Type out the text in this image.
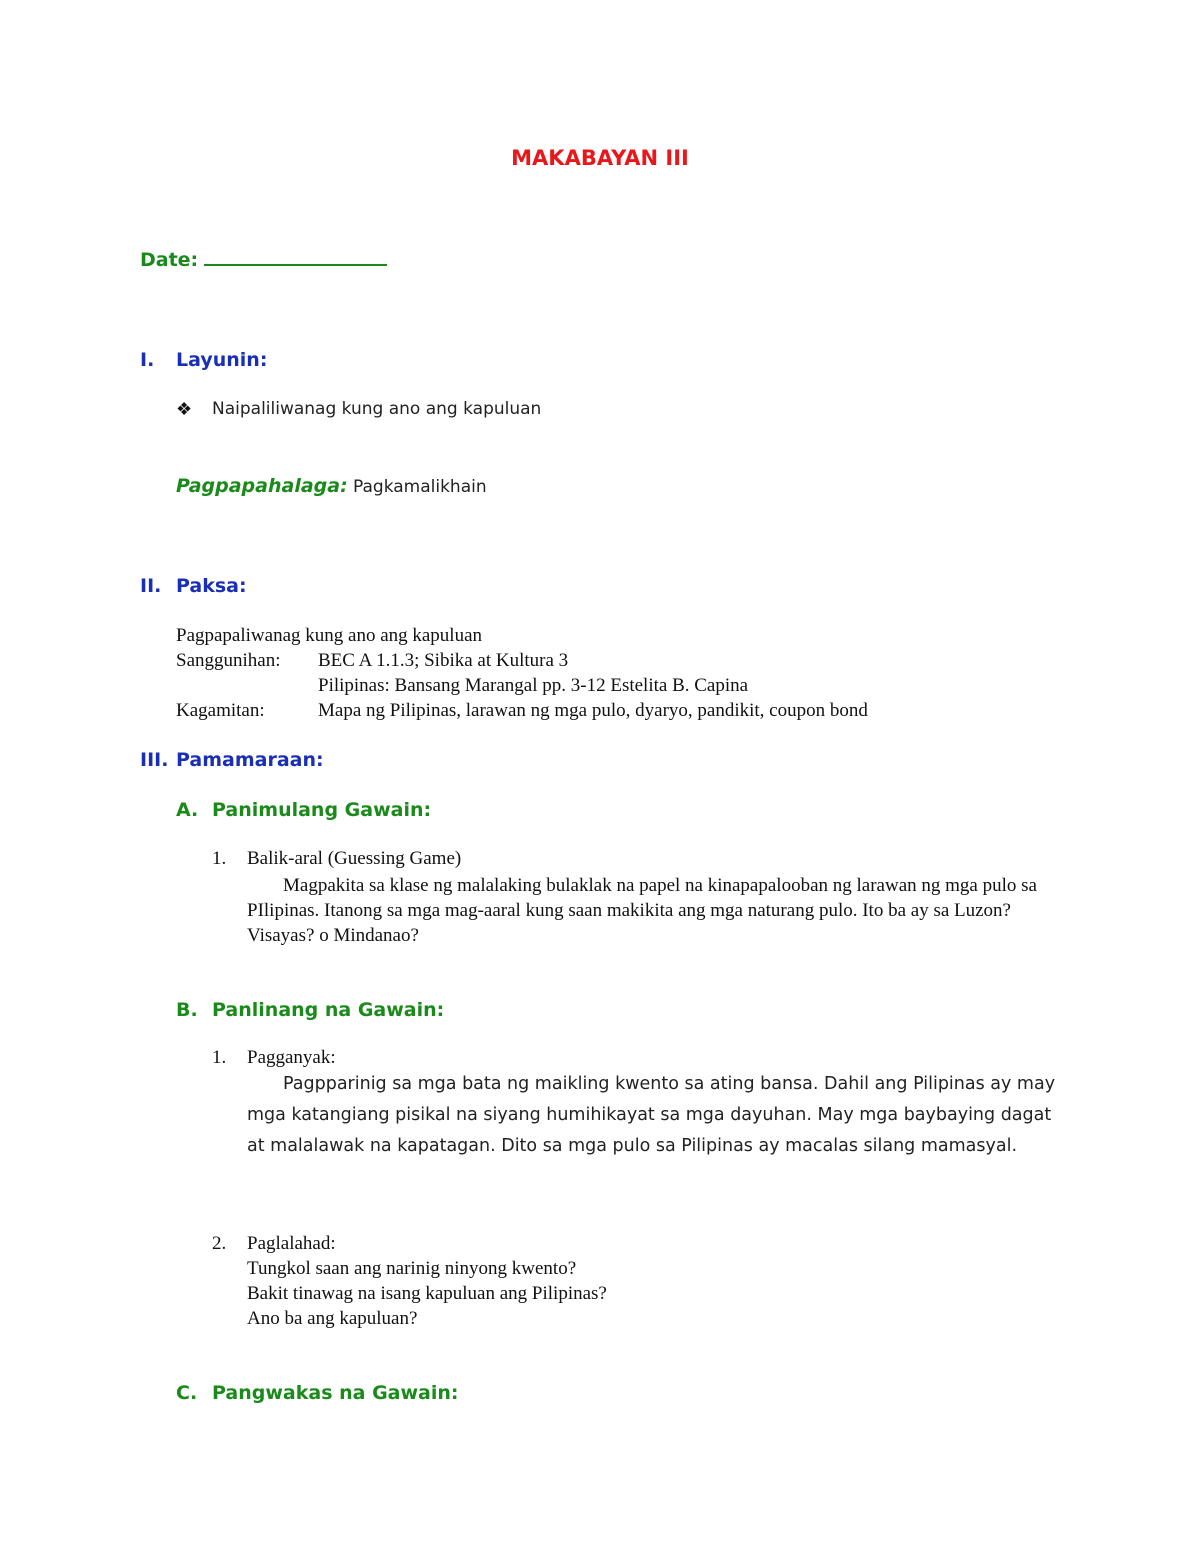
MAKABAYAN III
Date:
I. Layunin:
❖ Naipaliliwanag kung ano ang kapuluan
Pagpapahalaga: Pagkamalikhain
II. Paksa:
Pagpapaliwanag kung ano ang kapuluan
Sanggunihan: BEC A 1.1.3; Sibika at Kultura 3
Pilipinas: Bansang Marangal pp. 3-12 Estelita B. Capina
Kagamitan:	Mapa ng Pilipinas, larawan ng mga pulo, dyaryo, pandikit, coupon bond
III. Pamamaraan:
A. Panimulang Gawain:
1. Balik-aral (Guessing Game)
Magpakita sa klase ng malalaking bulaklak na papel na kinapapalooban ng larawan ng mga pulo sa PIlipinas. Itanong sa mga mag-aaral kung saan makikita ang mga naturang pulo. Ito ba ay sa Luzon? Visayas? o Mindanao?
B. Panlinang na Gawain:
1. Pagganyak:
Pagpparinig sa mga bata ng maikling kwento sa ating bansa. Dahil ang Pilipinas ay may mga katangiang pisikal na siyang humihikayat sa mga dayuhan. May mga baybaying dagat at malalawak na kapatagan. Dito sa mga pulo sa Pilipinas ay macalas silang mamasyal.
2. Paglalahad:
Tungkol saan ang narinig ninyong kwento?
Bakit tinawag na isang kapuluan ang Pilipinas?
Ano ba ang kapuluan?
C. Pangwakas na Gawain:
